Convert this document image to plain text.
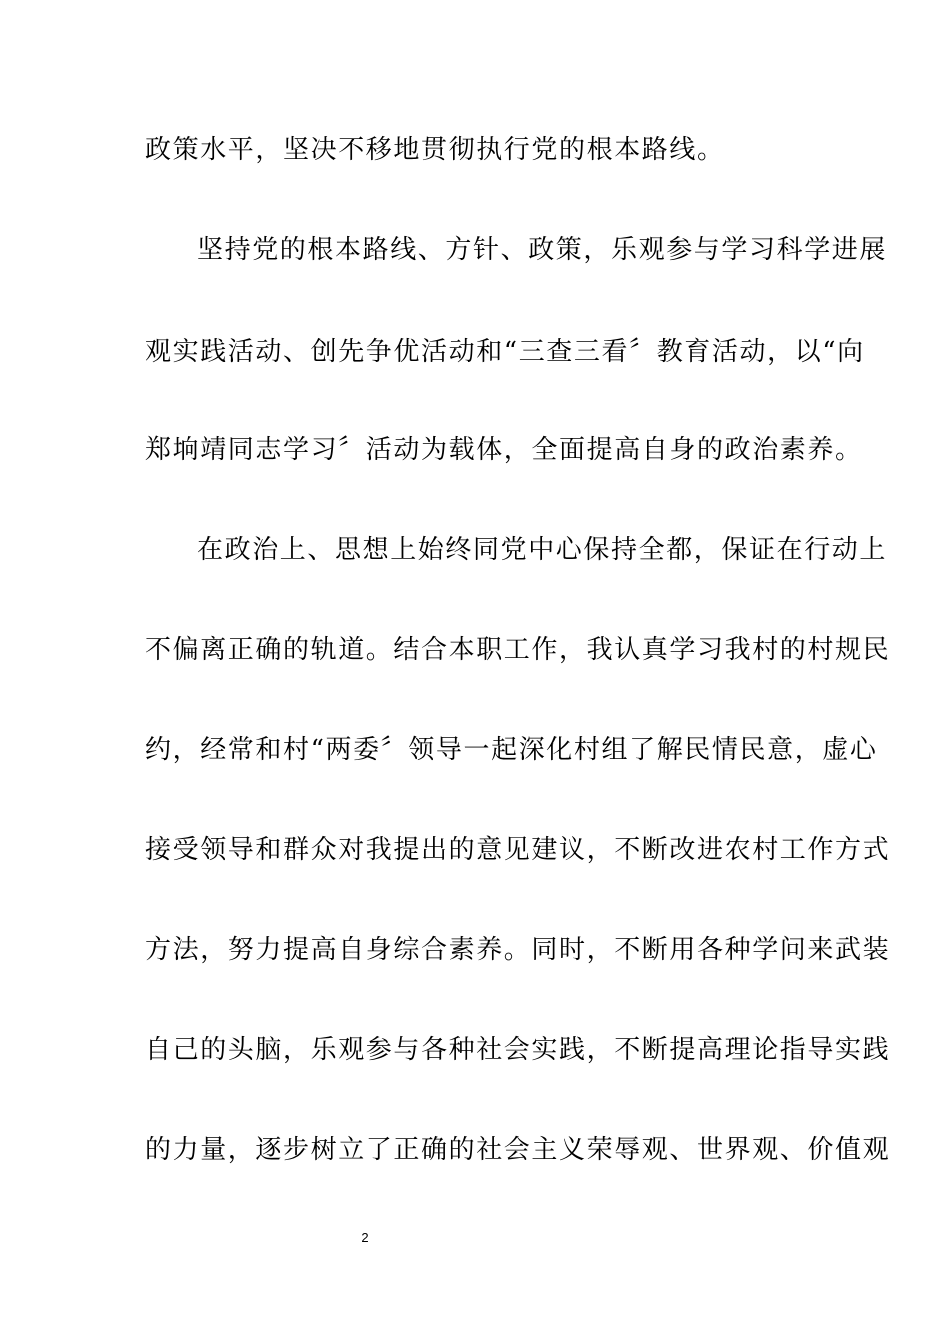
政策水平，坚决不移地贯彻执行党的根本路线。
坚持党的根本路线、方针、政策，乐观参与学习科学进展
观实践活动、创先争优活动和“三查三看〞教育活动，以“向
郑垧靖同志学习〞活动为载体，全面提高自身的政治素养。
在政治上、思想上始终同党中心保持全都，保证在行动上
不偏离正确的轨道。结合本职工作，我认真学习我村的村规民
约，经常和村“两委〞领导一起深化村组了解民情民意，虚心
接受领导和群众对我提出的意见建议，不断改进农村工作方式
方法，努力提高自身综合素养。同时，不断用各种学问来武装
自己的头脑，乐观参与各种社会实践，不断提高理论指导实践
的力量，逐步树立了正确的社会主义荣辱观、世界观、价值观
2
